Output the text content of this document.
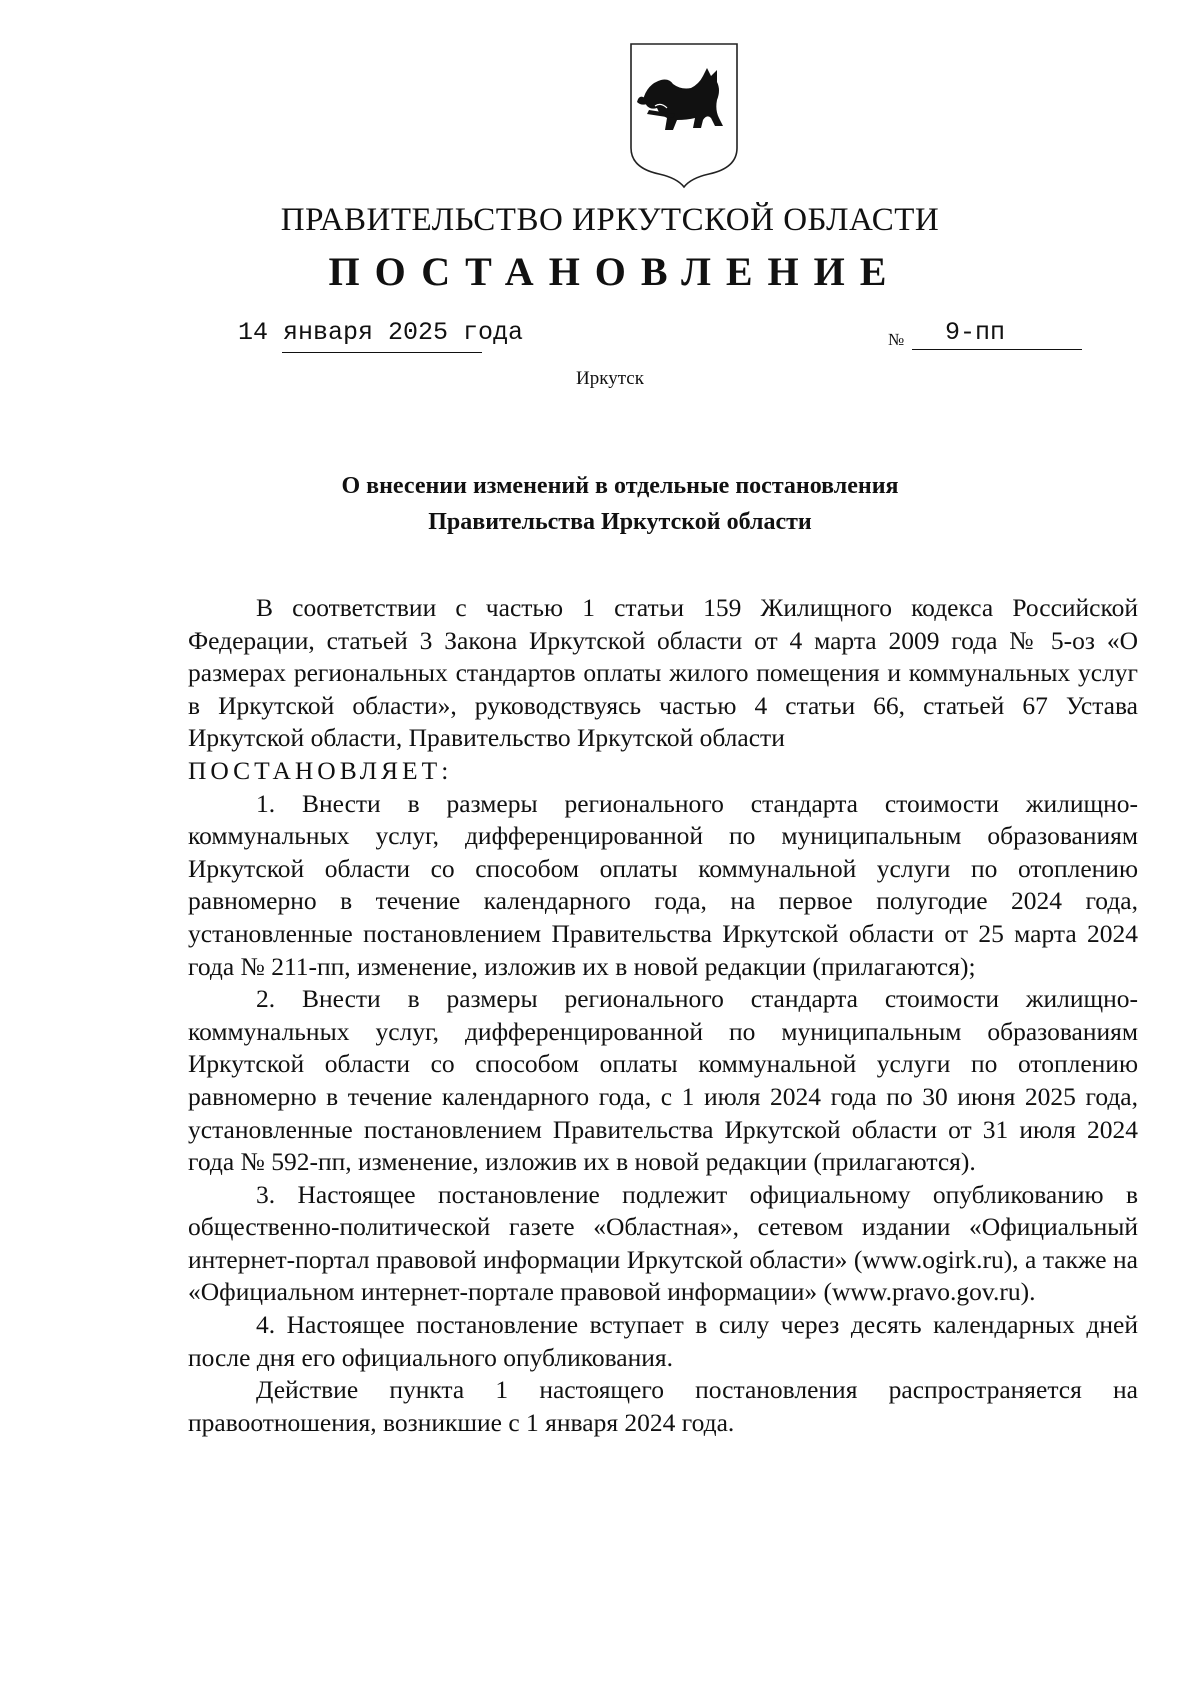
ПРАВИТЕЛЬСТВО ИРКУТСКОЙ ОБЛАСТИ
ПОСТАНОВЛЕНИЕ
14 января 2025 года	№ 9-пп
Иркутск
О внесении изменений в отдельные постановления
Правительства Иркутской области

В соответствии с частью 1 статьи 159 Жилищного кодекса Российской Федерации, статьей 3 Закона Иркутской области от 4 марта 2009 года № 5-оз «О размерах региональных стандартов оплаты жилого помещения и коммунальных услуг в Иркутской области», руководствуясь частью 4 статьи 66, статьей 67 Устава Иркутской области, Правительство Иркутской области

ПОСТАНОВЛЯЕТ:

1. Внести в размеры регионального стандарта стоимости жилищно-коммунальных услуг, дифференцированной по муниципальным образованиям Иркутской области со способом оплаты коммунальной услуги по отоплению равномерно в течение календарного года, на первое полугодие 2024 года, установленные постановлением Правительства Иркутской области от 25 марта 2024 года № 211-пп, изменение, изложив их в новой редакции (прилагаются);

2. Внести в размеры регионального стандарта стоимости жилищно-коммунальных услуг, дифференцированной по муниципальным образованиям Иркутской области со способом оплаты коммунальной услуги по отоплению равномерно в течение календарного года, с 1 июля 2024 года по 30 июня 2025 года, установленные постановлением Правительства Иркутской области от 31 июля 2024 года № 592-пп, изменение, изложив их в новой редакции (прилагаются).

3. Настоящее постановление подлежит официальному опубликованию в общественно-политической газете «Областная», сетевом издании «Официальный интернет-портал правовой информации Иркутской области» (www.ogirk.ru), а также на «Официальном интернет-портале правовой информации» (www.pravo.gov.ru).

4. Настоящее постановление вступает в силу через десять календарных дней после дня его официального опубликования.

Действие пункта 1 настоящего постановления распространяется на правоотношения, возникшие с 1 января 2024 года.
